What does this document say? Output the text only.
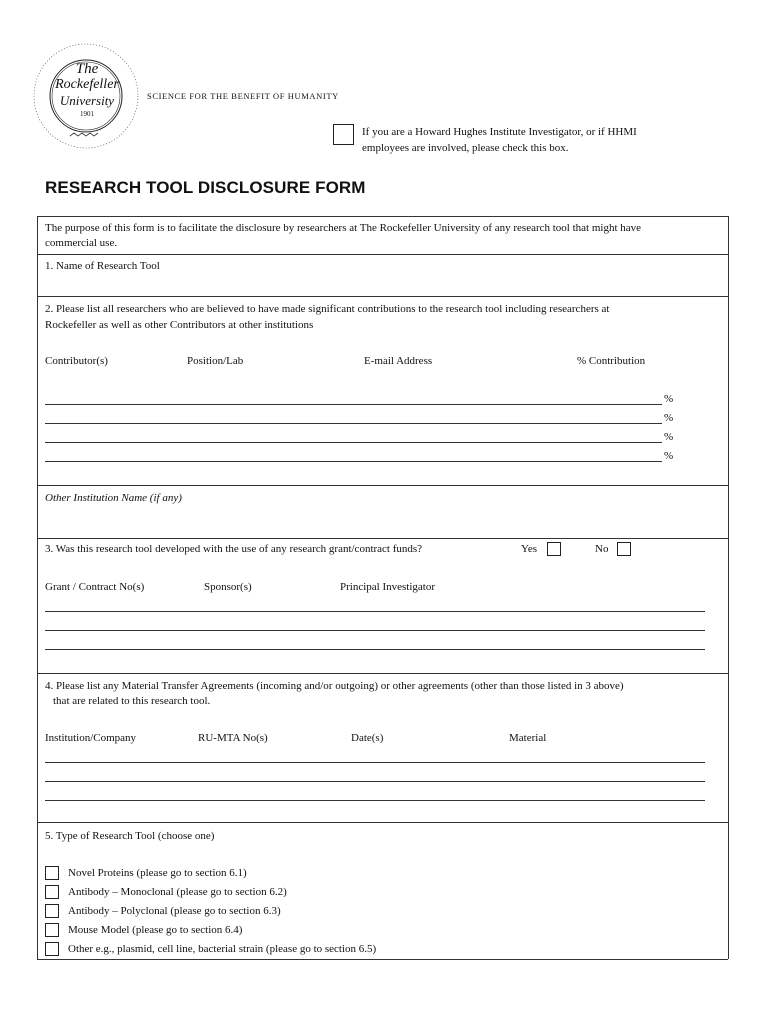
The
Rockefeller
University
1901
SCIENCE FOR THE BENEFIT OF HUMANITY
If you are a Howard Hughes Institute Investigator, or if HHMI
employees are involved, please check this box.
RESEARCH TOOL DISCLOSURE FORM
The purpose of this form is to facilitate the disclosure by researchers at The Rockefeller University of any research tool that might have
commercial use.
1. Name of Research Tool
2. Please list all researchers who are believed to have made significant contributions to the research tool including researchers at
Rockefeller as well as other Contributors at other institutions
Contributor(s)	Position/Lab	E-mail Address	% Contribution
%
%
%
%
Other Institution Name (if any)
3. Was this research tool developed with the use of any research grant/contract funds?	Yes	No
Grant / Contract No(s)	Sponsor(s)	Principal Investigator
4. Please list any Material Transfer Agreements (incoming and/or outgoing) or other agreements (other than those listed in 3 above)
that are related to this research tool.
Institution/Company	RU-MTA No(s)	Date(s)	Material
5. Type of Research Tool (choose one)
Novel Proteins (please go to section 6.1)
Antibody – Monoclonal (please go to section 6.2)
Antibody – Polyclonal (please go to section 6.3)
Mouse Model (please go to section 6.4)
Other e.g., plasmid, cell line, bacterial strain (please go to section 6.5)
